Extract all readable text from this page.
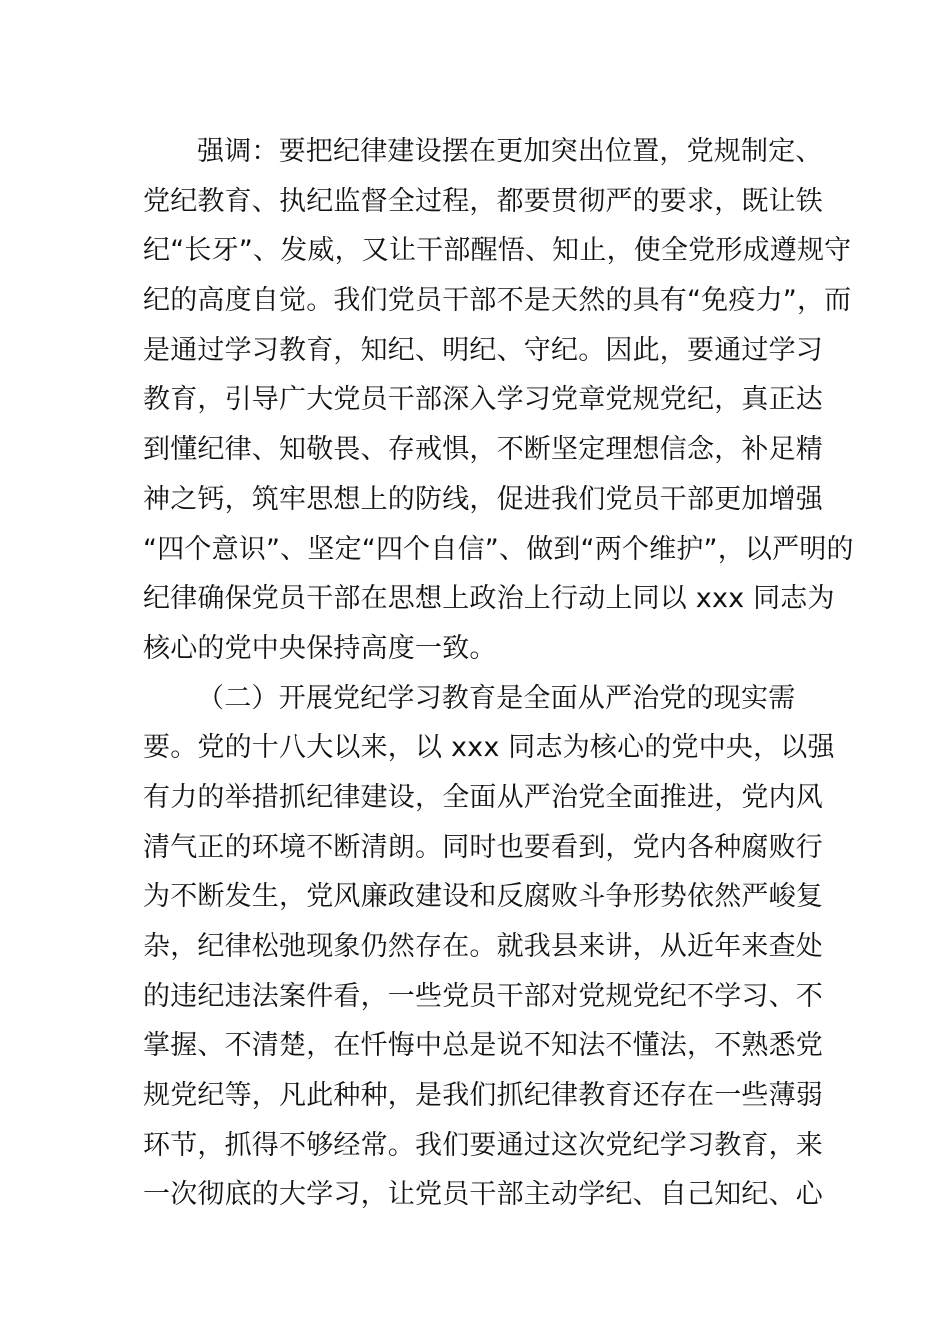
强调：要把纪律建设摆在更加突出位置，党规制定、
党纪教育、执纪监督全过程，都要贯彻严的要求，既让铁
纪“长牙”、发威，又让干部醒悟、知止，使全党形成遵规守
纪的高度自觉。我们党员干部不是天然的具有“免疫力”，而
是通过学习教育，知纪、明纪、守纪。因此，要通过学习
教育，引导广大党员干部深入学习党章党规党纪，真正达
到懂纪律、知敬畏、存戒惧，不断坚定理想信念，补足精
神之钙，筑牢思想上的防线，促进我们党员干部更加增强
“四个意识”、坚定“四个自信”、做到“两个维护”，以严明的
纪律确保党员干部在思想上政治上行动上同以 xxx 同志为
核心的党中央保持高度一致。
（二）开展党纪学习教育是全面从严治党的现实需
要。党的十八大以来，以 xxx 同志为核心的党中央，以强
有力的举措抓纪律建设，全面从严治党全面推进，党内风
清气正的环境不断清朗。同时也要看到，党内各种腐败行
为不断发生，党风廉政建设和反腐败斗争形势依然严峻复
杂，纪律松弛现象仍然存在。就我县来讲，从近年来查处
的违纪违法案件看，一些党员干部对党规党纪不学习、不
掌握、不清楚，在忏悔中总是说不知法不懂法，不熟悉党
规党纪等，凡此种种，是我们抓纪律教育还存在一些薄弱
环节，抓得不够经常。我们要通过这次党纪学习教育，来
一次彻底的大学习，让党员干部主动学纪、自己知纪、心
